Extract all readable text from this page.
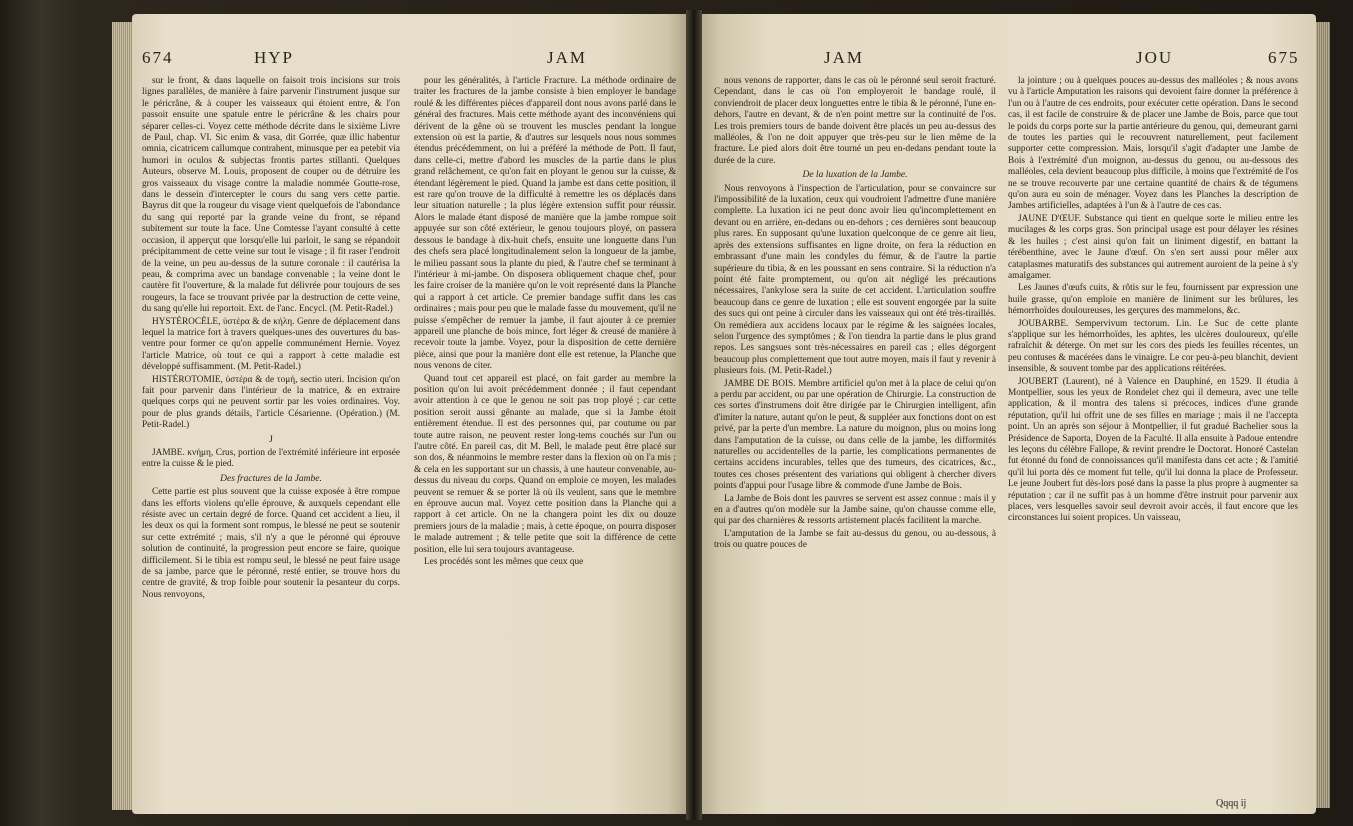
674	HYP	JAM

sur le front, & dans laquelle on faisoit trois incisions sur trois lignes parallèles, de manière à faire parvenir l'instrument jusque sur le péricrâne, & à couper les vaisseaux qui étoient entre, & l'on passoit ensuite une spatule entre le péricrâne & les chairs pour séparer celles-ci. Voyez cette méthode décrite dans le sixième Livre de Paul, chap. VI. Sic enim & vasa, dit Gorrée, quæ illic habentur omnia, cicatricem callumque contrahent, minusque per ea petebit via humori in oculos & subjectas frontis partes stillanti. Quelques Auteurs, observe M. Louis, proposent de couper ou de détruire les gros vaisseaux du visage contre la maladie nommée Goutte-rose, dans le dessein d'intercepter le cours du sang vers cette partie. Bayrus dit que la rougeur du visage vient quelquefois de l'abondance du sang qui reporté par la grande veine du front, se répand subitement sur toute la face. Une Comtesse l'ayant consulté à cette occasion, il apperçut que lorsqu'elle lui parloit, le sang se répandoit précipitamment de cette veine sur tout le visage ; il fit raser l'endroit de la veine, un peu au-dessus de la suture coronale : il cautérisa la peau, & comprima avec un bandage convenable ; la veine dont le cautère fit l'ouverture, & la malade fut délivrée pour toujours de ses rougeurs, la face se trouvant privée par la destruction de cette veine, du sang qu'elle lui reportoit. Ext. de l'anc. Encycl. (M. Petit-Radel.)

HYSTÉROCÈLE, ὑστέρα & de κήλη. Genre de déplacement dans lequel la matrice fort à travers quelques-unes des ouvertures du bas-ventre pour former ce qu'on appelle communément Hernie. Voyez l'article Matrice, où tout ce qui a rapport à cette maladie est développé suffisamment. (M. Petit-Radel.)

HISTÉROTOMIE, ὑστέρα & de τομή, sectio uteri. Incision qu'on fait pour parvenir dans l'intérieur de la matrice, & en extraire quelques corps qui ne peuvent sortir par les voies ordinaires. Voy. pour de plus grands détails, l'article Césarienne. (Opération.) (M. Petit-Radel.)

J

JAMBE. κνήμη, Crus, portion de l'extrémité inférieure int erposée entre la cuisse & le pied.

Des fractures de la Jambe.

Cette partie est plus souvent que la cuisse exposée à être rompue dans les efforts violens qu'elle éprouve, & auxquels cependant elle résiste avec un certain degré de force. Quand cet accident a lieu, il les deux os qui la forment sont rompus, le blessé ne peut se soutenir sur cette extrémité ; mais, s'il n'y a que le péronné qui éprouve solution de continuité, la progression peut encore se faire, quoique difficilement. Si le tibia est rompu seul, le blessé ne peut faire usage de sa jambe, parce que le péronné, resté entier, se trouve hors du centre de gravité, & trop foible pour soutenir la pesanteur du corps. Nous renvoyons,

pour les généralités, à l'article Fracture. La méthode ordinaire de traiter les fractures de la jambe consiste à bien employer le bandage roulé & les différentes pièces d'appareil dont nous avons parlé dans le général des fractures. Mais cette méthode ayant des inconvéniens qui dérivent de la gêne où se trouvent les muscles pendant la longue extension où est la partie, & d'autres sur lesquels nous nous sommes étendus précédemment, on lui a préféré la méthode de Pott. Il faut, dans celle-ci, mettre d'abord les muscles de la partie dans le plus grand relâchement, ce qu'on fait en ployant le genou sur la cuisse, & étendant légèrement le pied. Quand la jambe est dans cette position, il est rare qu'on trouve de la difficulté à remettre les os déplacés dans leur situation naturelle ; la plus légère extension suffit pour réussir. Alors le malade étant disposé de manière que la jambe rompue soit appuyée sur son côté extérieur, le genou toujours ployé, on passera dessous le bandage à dix-huit chefs, ensuite une longuette dans l'un des chefs sera placé longitudinalement selon la longueur de la jambe, le milieu passant sous la plante du pied, & l'autre chef se terminant à l'intérieur à mi-jambe. On disposera obliquement chaque chef, pour les faire croiser de la manière qu'on le voit représenté dans la Planche qui a rapport à cet article. Ce premier bandage suffit dans les cas ordinaires ; mais pour peu que le malade fasse du mouvement, qu'il ne puisse s'empêcher de remuer la jambe, il faut ajouter à ce premier appareil une planche de bois mince, fort léger & creusé de manière à recevoir toute la jambe. Voyez, pour la disposition de cette dernière pièce, ainsi que pour la manière dont elle est retenue, la Planche que nous venons de citer.

Quand tout cet appareil est placé, on fait garder au membre la position qu'on lui avoit précédemment donnée ; il faut cependant avoir attention à ce que le genou ne soit pas trop ployé ; car cette position seroit aussi gênante au malade, que si la Jambe étoit entièrement étendue. Il est des personnes qui, par coutume ou par toute autre raison, ne peuvent rester long-tems couchés sur l'un ou l'autre côté. En pareil cas, dit M. Bell, le malade peut être placé sur son dos, & néanmoins le membre rester dans la flexion où on l'a mis ; & cela en les supportant sur un chassis, à une hauteur convenable, au-dessus du niveau du corps. Quand on emploie ce moyen, les malades peuvent se remuer & se porter là où ils veulent, sans que le membre en éprouve aucun mal. Voyez cette position dans la Planche qui a rapport à cet article. On ne la changera point les dix ou douze premiers jours de la maladie ; mais, à cette époque, on pourra disposer le malade autrement ; & telle petite que soit la différence de cette position, elle lui sera toujours avantageuse.

Les procédés sont les mêmes que ceux que

JAM	JOU	675

nous venons de rapporter, dans le cas où le péronné seul seroit fracturé. Cependant, dans le cas où l'on employeroit le bandage roulé, il conviendroit de placer deux longuettes entre le tibia & le péronné, l'une en-dehors, l'autre en devant, & de n'en point mettre sur la continuité de l'os. Les trois premiers tours de bande doivent être placés un peu au-dessus des malléoles, & l'on ne doit appuyer que très-peu sur le lien même de la fracture. Le pied alors doit être tourné un peu en-dedans pendant toute la durée de la cure.

De la luxation de la Jambe.

Nous renvoyons à l'inspection de l'articulation, pour se convaincre sur l'impossibilité de la luxation, ceux qui voudroient l'admettre d'une manière complette. La luxation ici ne peut donc avoir lieu qu'incomplettement en devant ou en arrière, en-dedans ou en-dehors ; ces dernières sont beaucoup plus rares. En supposant qu'une luxation quelconque de ce genre ait lieu, après des extensions suffisantes en ligne droite, on fera la réduction en embrassant d'une main les condyles du fémur, & de l'autre la partie supérieure du tibia, & en les poussant en sens contraire. Si la réduction n'a point été faite promptement, ou qu'on ait négligé les précautions nécessaires, l'ankylose sera la suite de cet accident. L'articulation souffre beaucoup dans ce genre de luxation ; elle est souvent engorgée par la suite des sucs qui ont peine à circuler dans les vaisseaux qui ont été très-tiraillés. On remédiera aux accidens locaux par le régime & les saignées locales, selon l'urgence des symptômes ; & l'on tiendra la partie dans le plus grand repos. Les sangsues sont très-nécessaires en pareil cas ; elles dégorgent beaucoup plus complettement que tout autre moyen, mais il faut y revenir à plusieurs fois. (M. Petit-Radel.)

JAMBE DE BOIS. Membre artificiel qu'on met à la place de celui qu'on a perdu par accident, ou par une opération de Chirurgie. La construction de ces sortes d'instrumens doit être dirigée par le Chirurgien intelligent, afin d'imiter la nature, autant qu'on le peut, & suppléer aux fonctions dont on est privé, par la perte d'un membre. La nature du moignon, plus ou moins long dans l'amputation de la cuisse, ou dans celle de la jambe, les difformités naturelles ou accidentelles de la partie, les complications permanentes de certains accidens incurables, telles que des tumeurs, des cicatrices, &c., toutes ces choses présentent des variations qui obligent à chercher divers points d'appui pour l'usage libre & commode d'une Jambe de Bois.

La Jambe de Bois dont les pauvres se servent est assez connue : mais il y en a d'autres qu'on modèle sur la Jambe saine, qu'on chausse comme elle, qui par des charnières & ressorts artistement placés facilitent la marche.

L'amputation de la Jambe se fait au-dessus du genou, ou au-dessous, à trois ou quatre pouces de

la jointure ; ou à quelques pouces au-dessus des malléoles ; & nous avons vu à l'article Amputation les raisons qui devoient faire donner la préférence à l'un ou à l'autre de ces endroits, pour exécuter cette opération. Dans le second cas, il est facile de construire & de placer une Jambe de Bois, parce que tout le poids du corps porte sur la partie antérieure du genou, qui, demeurant garni de toutes les parties qui le recouvrent naturellement, peut facilement supporter cette compression. Mais, lorsqu'il s'agit d'adapter une Jambe de Bois à l'extrémité d'un moignon, au-dessus du genou, ou au-dessous des malléoles, cela devient beaucoup plus difficile, à moins que l'extrémité de l'os ne se trouve recouverte par une certaine quantité de chairs & de tégumens qu'on aura eu soin de ménager. Voyez dans les Planches la description de Jambes artificielles, adaptées à l'un & à l'autre de ces cas.

JAUNE D'ŒUF. Substance qui tient en quelque sorte le milieu entre les mucilages & les corps gras. Son principal usage est pour délayer les résines & les huiles ; c'est ainsi qu'on fait un liniment digestif, en battant la térébenthine, avec le Jaune d'œuf. On s'en sert aussi pour mêler aux cataplasmes maturatifs des substances qui autrement auroient de la peine à s'y amalgamer.

Les Jaunes d'œufs cuits, & rôtis sur le feu, fournissent par expression une huile grasse, qu'on emploie en manière de liniment sur les brûlures, les hémorrhoïdes douloureuses, les gerçures des mammelons, &c.

JOUBARBE. Sempervivum tectorum. Lin. Le Suc de cette plante s'applique sur les hémorrhoïdes, les aphtes, les ulcères douloureux, qu'elle rafraîchit & déterge. On met sur les cors des pieds les feuilles récentes, un peu contuses & macérées dans le vinaigre. Le cor peu-à-peu blanchit, devient insensible, & souvent tombe par des applications réitérées.

JOUBERT (Laurent), né à Valence en Dauphiné, en 1529. Il étudia à Montpellier, sous les yeux de Rondelet chez qui il demeura, avec une telle application, & il montra des talens si précoces, indices d'une grande réputation, qu'il lui offrit une de ses filles en mariage ; mais il ne l'accepta point. Un an après son séjour à Montpellier, il fut gradué Bachelier sous la Présidence de Saporta, Doyen de la Faculté. Il alla ensuite à Padoue entendre les leçons du célèbre Fallope, & revint prendre le Doctorat. Honoré Castelan fut étonné du fond de connoissances qu'il manifesta dans cet acte ; & l'amitié qu'il lui porta dès ce moment fut telle, qu'il lui donna la place de Professeur. Le jeune Joubert fut dès-lors posé dans la passe la plus propre à augmenter sa réputation ; car il ne suffit pas à un homme d'être instruit pour parvenir aux places, vers lesquelles savoir seul devroit avoir accès, il faut encore que les circonstances lui soient propices. Un vaisseau,

Qqqq ij
